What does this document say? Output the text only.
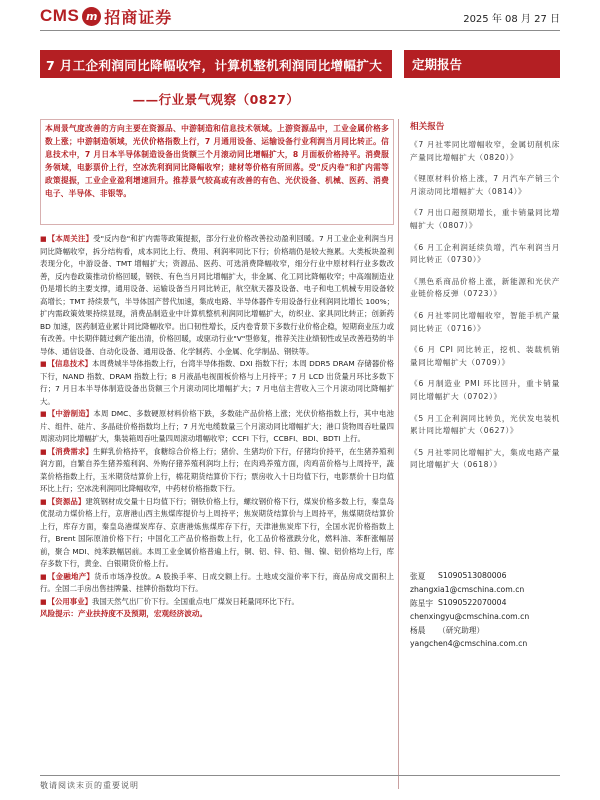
CMS m 招商证券	2025 年 08 月 27 日
7 月工企利润同比降幅收窄，计算机整机利润同比增幅扩大	定期报告
——行业景气观察（0827）
本周景气度改善的方向主要在资源品、中游制造和信息技术领域。上游资源品中，工业金属价格多数上涨；中游制造领域，光伏价格指数上行，7 月通用设备、运输设备行业利润当月同比转正。信息技术中，7 月日本半导体制造设备出货额三个月滚动同比增幅扩大，8 月面板价格持平。消费服务领域，电影票价上行，空冰洗利润同比降幅收窄；建材等价格有所回落。受"反内卷"和扩内需等政策提振，工业企业盈利增速回升。推荐景气较高或有改善的有色、光伏设备、机械、医药、消费电子、半导体、非银等。
■ 【本周关注】受"反内卷"和扩内需等政策提振，部分行业价格改善拉动盈利回暖。7 月工业企业利润当月同比降幅收窄，拆分结构看，成本同比上行、费用、利润率同比下行；价格端仍是较大拖累。大类板块盈利表现分化，中游设备、TMT 增幅扩大；资源品、医药、可选消费降幅收窄，细分行业中原材料行业多数改善，反内卷政策推动价格回暖，钢铁、有色当月同比增幅扩大，非金属、化工同比降幅收窄；中高端制造业仍是增长的主要支撑，通用设备、运输设备当月同比转正，航空航天器及设备、电子和电工机械专用设备较高增长；TMT 持续景气，半导体国产替代加速，集成电路、半导体器件专用设备行业利润同比增长 100%；扩内需政策效果持续显现，消费品制造业中计算机整机利润同比增幅扩大，纺织业、家具同比转正；创新药 BD 加速，医药制造业累计同比降幅收窄。出口韧性增长，反内卷背景下多数行业价格企稳，短期商业压力或有改善。中长期伴随过剩产能出清，价格回暖，或驱动行业"V"型修复，推荐关注业绩韧性或呈改善趋势的半导体、通信设备、自动化设备、通用设备、化学制药、小金属、化学制品、钢铁等。
■ 【信息技术】本周费城半导体指数上行，台湾半导体指数、DXI 指数下行；本周 DDR5 DRAM 存储器价格下行，NAND 指数、DRAM 指数上行；8 月液晶电视面板价格与上月持平；7 月 LCD 出货量月环比多数下行；7 月日本半导体制造设备出货额三个月滚动同比增幅扩大；7 月电信主营收入三个月滚动同比降幅扩大。
■ 【中游制造】本周 DMC、多数硬原材料价格下跌，多数硅产品价格上涨；光伏价格指数上行，其中电池片、组件、硅片、多晶硅价格指数均上行；7 月光电缆数量三个月滚动同比增幅扩大；港口货物周吞吐量四周滚动同比增幅扩大，集装箱周吞吐量四周滚动增幅收窄；CCFI 下行，CCBFI、BDI、BDTI 上行。
■ 【消费需求】生鲜乳价格持平，食糖综合价格上行；猪价、生猪均价下行，仔猪均价持平，在生猪养殖利润方面，自繁自养生猪养殖利润、外购仔猪养殖利润均上行；在肉鸡养殖方面，肉鸡苗价格与上周持平，蔬菜价格指数上行，玉米期货结算价上行，棉花期货结算价下行；票房收入十日均值下行，电影票价十日均值环比上行；空冰洗利润同比降幅收窄，中药材价格指数下行。
■ 【资源品】建筑钢材成交量十日均值下行；钢铁价格上行，螺纹钢价格下行，煤炭价格多数上行，秦皇岛优混动力煤价格上行，京唐港山西主焦煤库提价与上周持平；焦炭期货结算价与上周持平，焦煤期货结算价上行，库存方面，秦皇岛港煤炭库存、京唐港炼焦煤库存下行，天津港焦炭库下行，全国水泥价格指数上行，Brent 国际原油价格下行；中国化工产品价格指数上行，化工品价格涨跌分化，燃料油、苯酐涨幅居前，聚合 MDI、纯苯跌幅居前。本周工业金属价格普遍上行，铜、铝、锌、铅、锡、镍、铝价格均上行，库存多数下行，黄金、白银期货价格上行。
■ 【金融地产】货币市场净投放。A 股换手率、日成交额上行。土地成交溢价率下行，商品房成交面积上行。全国二手房出售挂牌量、挂牌价指数均下行。
■ 【公用事业】我国天然气出厂价下行。全国重点电厂煤炭日耗量同环比下行。
风险提示：产业扶持度不及预期，宏观经济波动。
相关报告
《7 月社零同比增幅收窄，金属切削机床产量同比增幅扩大（0820）》
《锂原材料价格上涨，7 月汽车产销三个月滚动同比增幅扩大（0814）》
《7 月出口超预期增长，重卡销量同比增幅扩大（0807）》
《6 月工企利润延续负增，汽车利润当月同比转正（0730）》
《黑色系商品价格上涨，新能源和光伏产业链价格反弹（0723）》
《6 月社零同比增幅收窄，智能手机产量同比转正（0716）》
《6 月 CPI 同比转正，挖机、装载机销量同比增幅扩大（0709）》
《6 月制造业 PMI 环比回升，重卡销量同比增幅扩大（0702）》
《5 月工企利润同比转负，光伏发电装机累计同比增幅扩大（0627）》
《5 月社零同比增幅扩大，集成电路产量同比增幅扩大（0618）》
张夏	S1090513080006
zhangxia1@cmschina.com.cn
陈星宇 S1090522070004
chenxingyu@cmschina.com.cn
杨晨	（研究助理）
yangchen4@cmschina.com.cn
敬请阅读末页的重要说明
